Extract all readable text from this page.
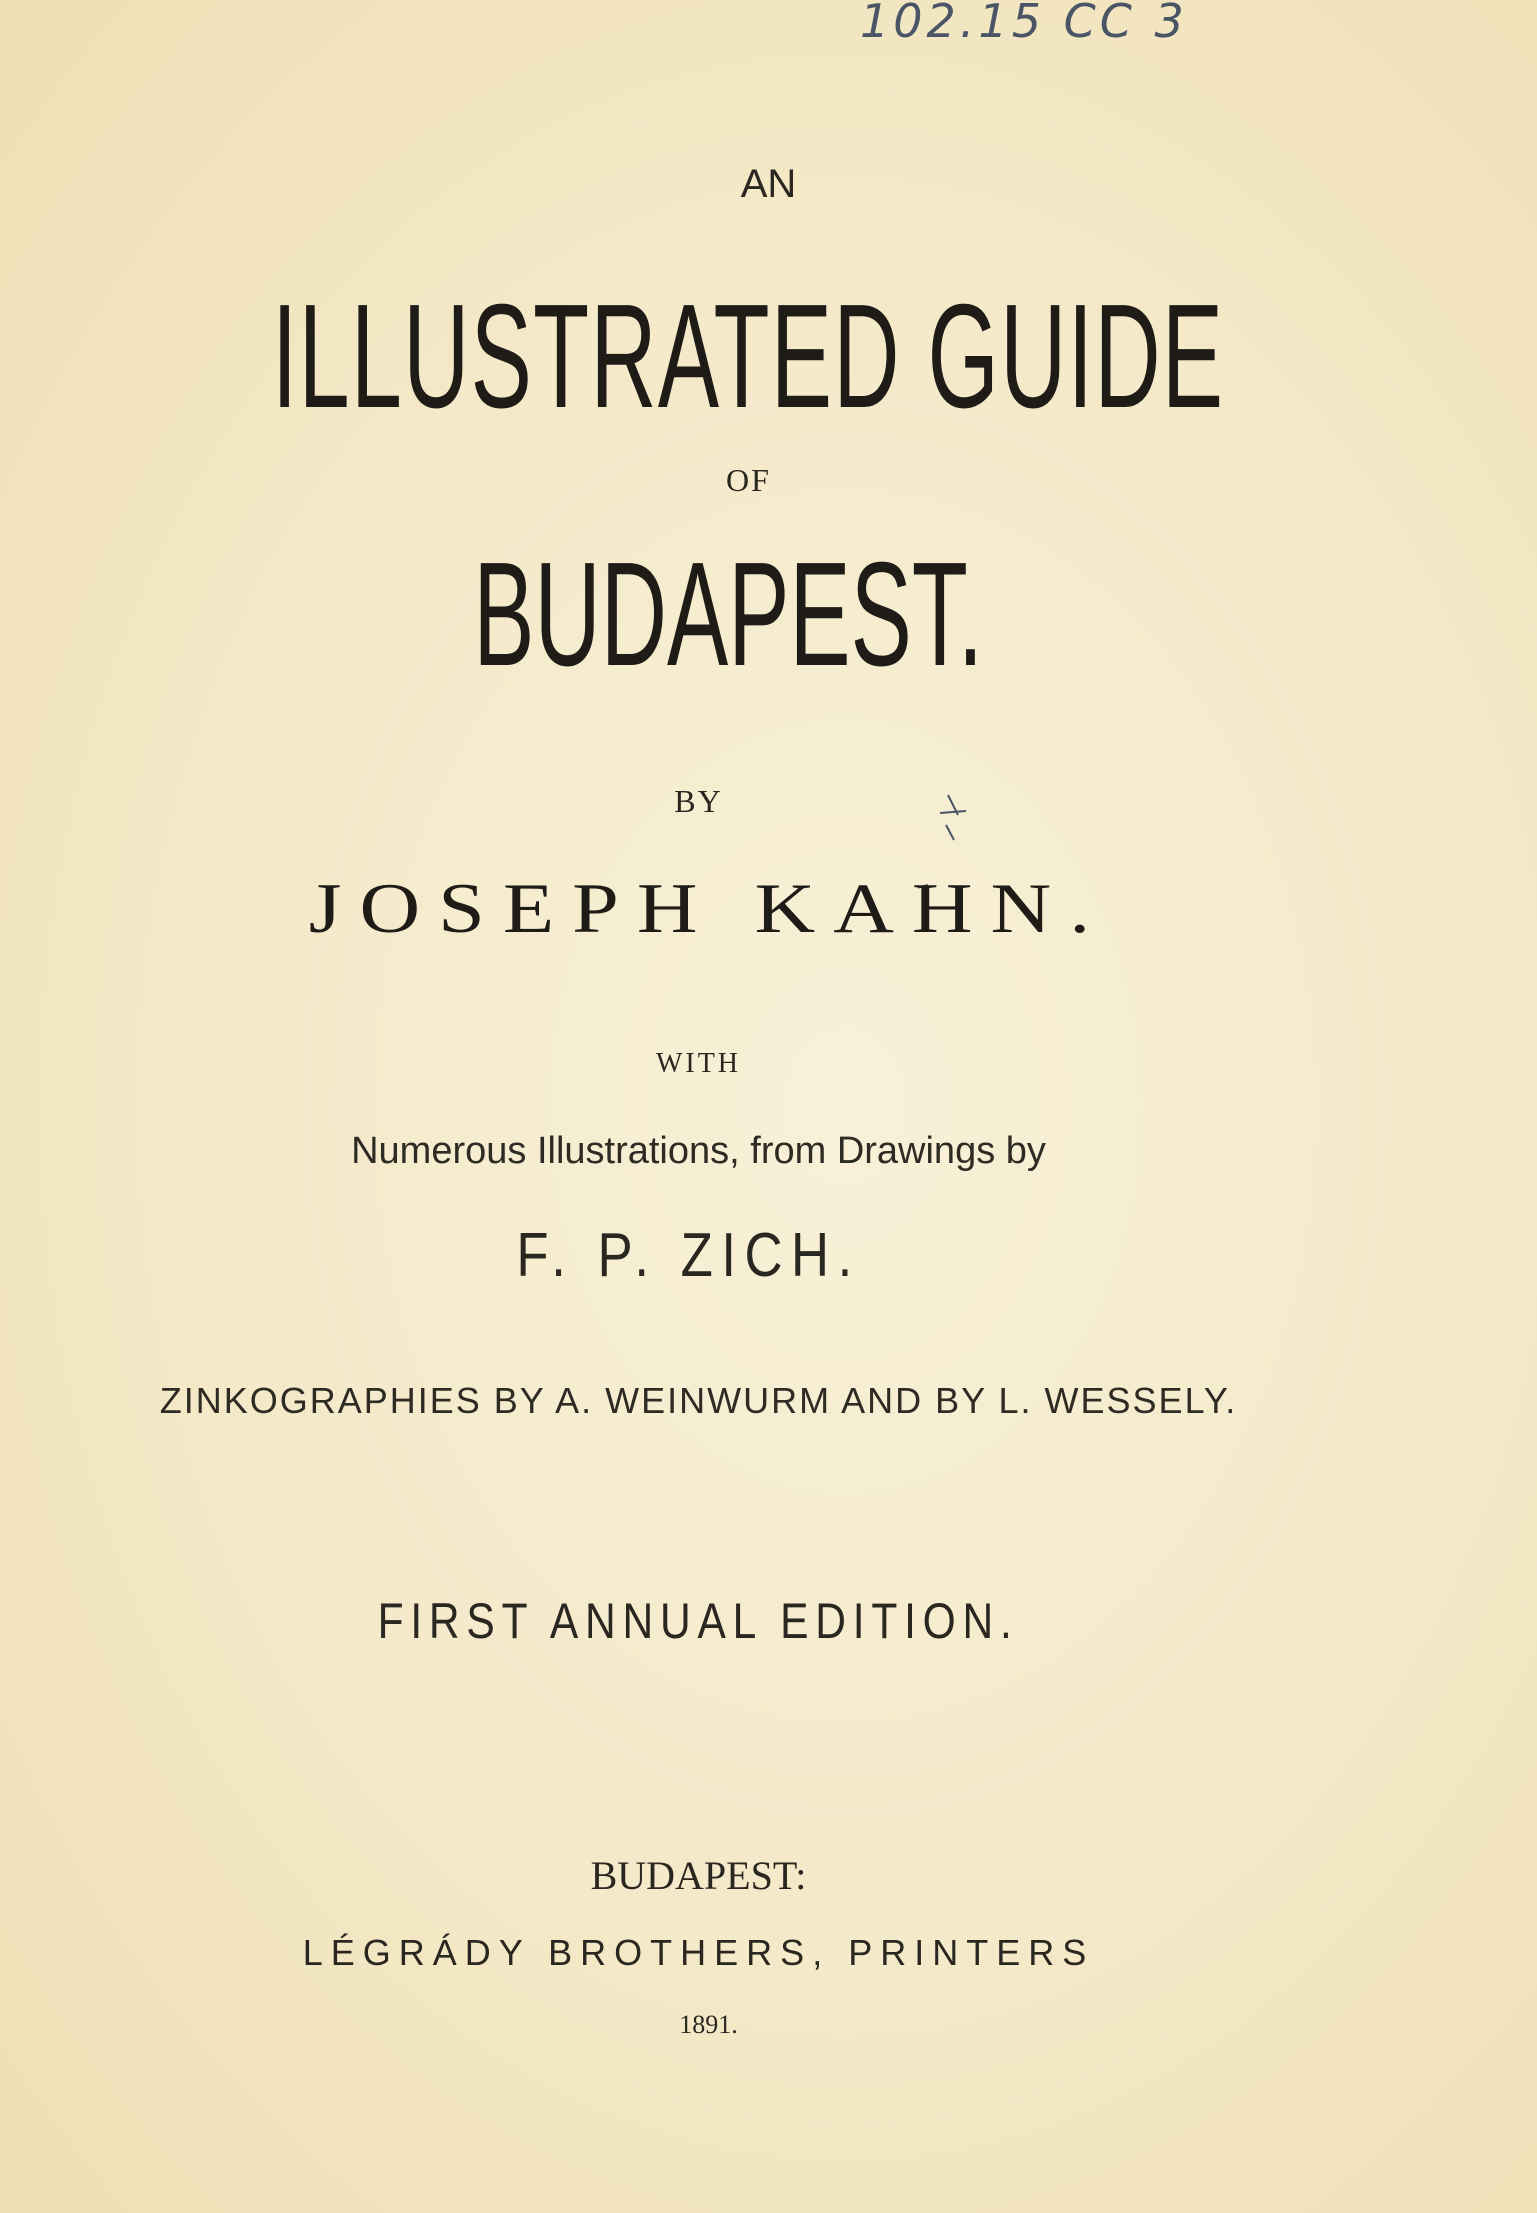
102.15 CC 3
AN
ILLUSTRATED GUIDE
OF
BUDAPEST.
BY
JOSEPH KAHN.
WITH
Numerous Illustrations, from Drawings by
F. P. ZICH.
ZINKOGRAPHIES BY A. WEINWURM AND BY L. WESSELY.
FIRST ANNUAL EDITION.
BUDAPEST:
LÉGRÁDY BROTHERS, PRINTERS
1891.
